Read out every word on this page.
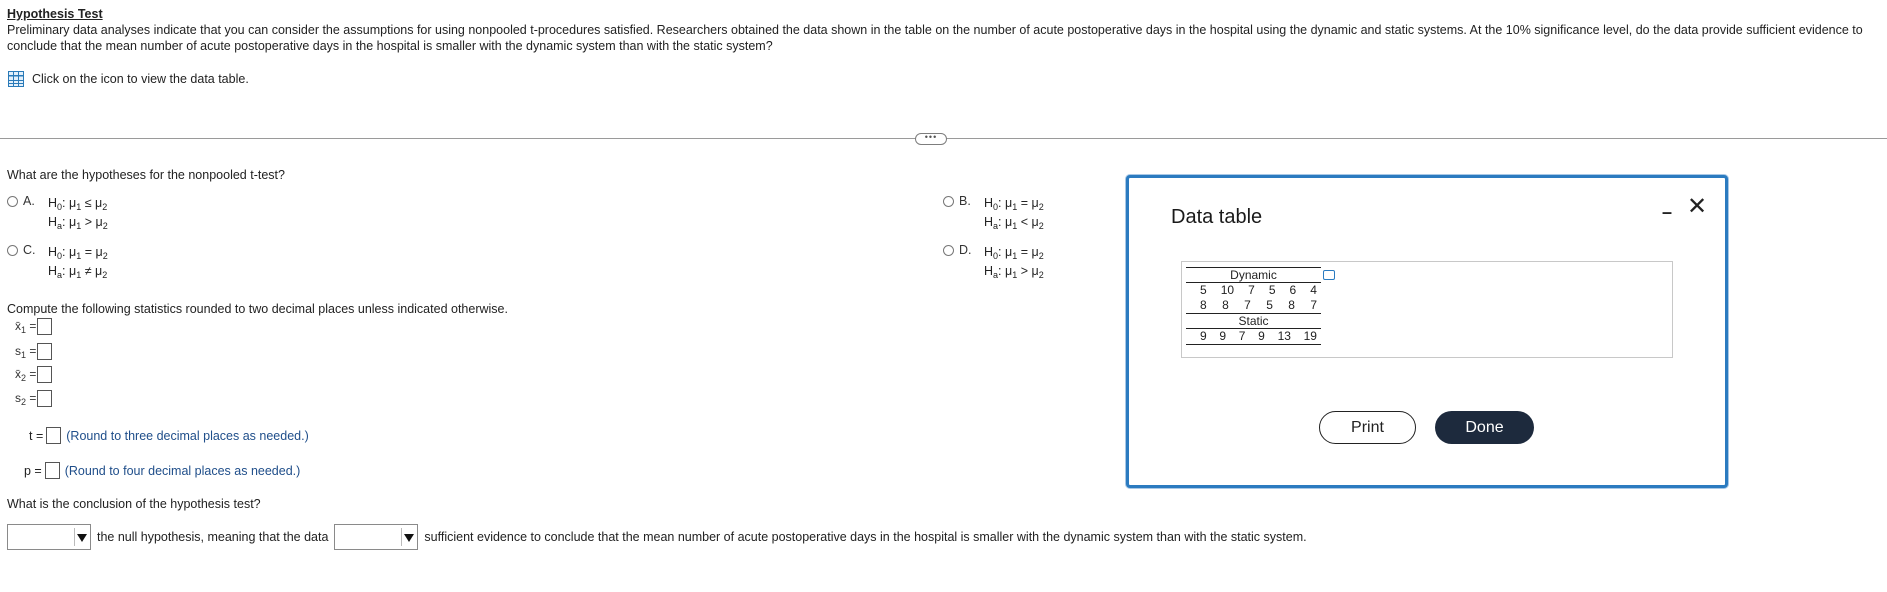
Hypothesis Test
Preliminary data analyses indicate that you can consider the assumptions for using nonpooled t-procedures satisfied. Researchers obtained the data shown in the table on the number of acute postoperative days in the hospital using the dynamic and static systems. At the 10% significance level, do the data provide sufficient evidence to conclude that the mean number of acute postoperative days in the hospital is smaller with the dynamic system than with the static system?
Click on the icon to view the data table.
•••
What are the hypotheses for the nonpooled t-test?
A.	$H_0$: $\mu_1 \le \mu_2$
$H_a$: $\mu_1 > \mu_2$
C.	$H_0$: $\mu_1 = \mu_2$
$H_a$: $\mu_1 \ne \mu_2$
B.	$H_0$: $\mu_1 = \mu_2$
$H_a$: $\mu_1 < \mu_2$
D.	$H_0$: $\mu_1 = \mu_2$
$H_a$: $\mu_1 > \mu_2$
Compute the following statistics rounded to two decimal places unless indicated otherwise.
$x̄_1$ =
$s_1$ =
$x̄_2$ =
$s_2$ =
t = (Round to three decimal places as needed.)
p = (Round to four decimal places as needed.)
What is the conclusion of the hypothesis test?
the null hypothesis, meaning that the data	sufficient evidence to conclude that the mean number of acute postoperative days in the hospital is smaller with the dynamic system than with the static system.
Data table	– ✕
Dynamic
5 10 7 5 6 4
8 8 7 5 8 7
Static
9 9 7 9 13 19
Print	Done
